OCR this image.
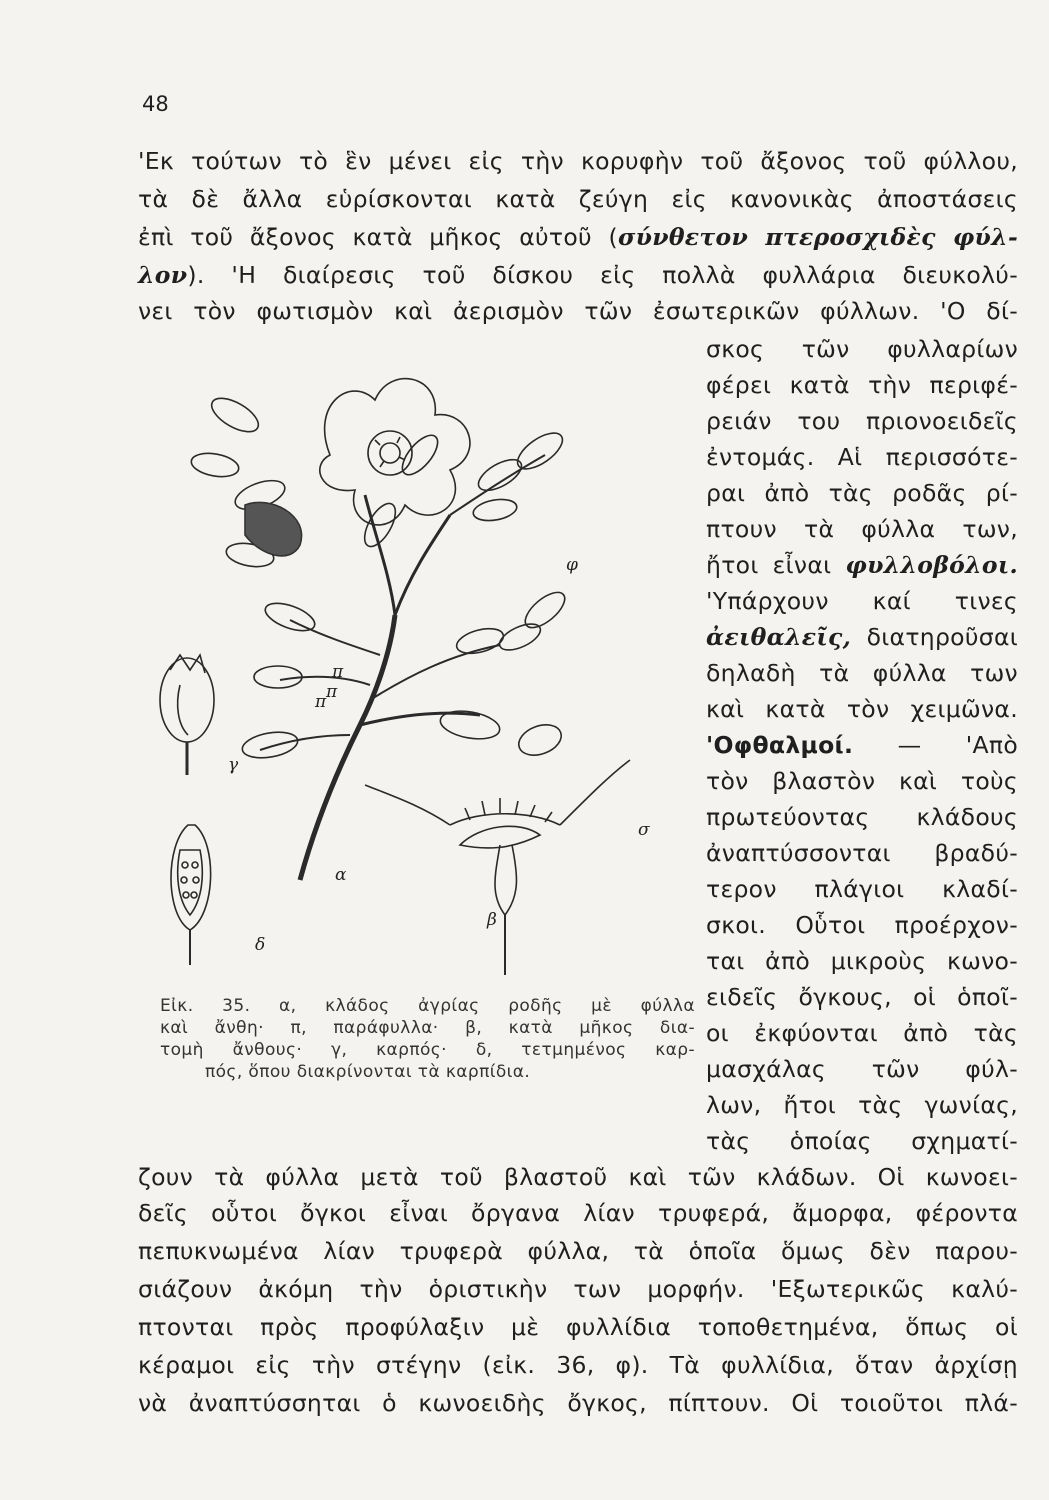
48
'Εκ τούτων τὸ ἓν μένει εἰς τὴν κορυφὴν τοῦ ἄξονος τοῦ φύλλου,
τὰ δὲ ἄλλα εὑρίσκονται κατὰ ζεύγη εἰς κανονικὰς ἀποστάσεις
ἐπὶ τοῦ ἄξονος κατὰ μῆκος αὐτοῦ (σύνθετον πτεροσχιδὲς φύλ-
λον). 'Η διαίρεσις τοῦ δίσκου εἰς πολλὰ φυλλάρια διευκολύ-
νει τὸν φωτισμὸν καὶ ἀερισμὸν τῶν ἐσωτερικῶν φύλλων. 'Ο δί-
σκος τῶν φυλλαρίων
φέρει κατὰ τὴν περιφέ-
ρειάν του πριονοειδεῖς
ἐντομάς. Αἱ περισσότε-
ραι ἀπὸ τὰς ροδᾶς ρί-
πτουν τὰ φύλλα των,
ἤτοι εἶναι φυλλοβόλοι.
'Υπάρχουν καί τινες
ἀειθαλεῖς, διατηροῦσαι
δηλαδὴ τὰ φύλλα των
καὶ κατὰ τὸν χειμῶνα.
'Οφθαλμοί. — 'Απὸ
τὸν βλαστὸν καὶ τοὺς
πρωτεύοντας κλάδους
ἀναπτύσσονται βραδύ-
τερον πλάγιοι κλαδί-
σκοι. Οὗτοι προέρχον-
ται ἀπὸ μικροὺς κωνο-
ειδεῖς ὄγκους, οἱ ὁποῖ-
οι ἐκφύονται ἀπὸ τὰς
μασχάλας τῶν φύλ-
λων, ἤτοι τὰς γωνίας,
τὰς ὁποίας σχηματί-
ζουν τὰ φύλλα μετὰ τοῦ βλαστοῦ καὶ τῶν κλάδων. Οἱ κωνοει-
δεῖς οὗτοι ὄγκοι εἶναι ὄργανα λίαν τρυφερά, ἄμορφα, φέροντα
πεπυκνωμένα λίαν τρυφερὰ φύλλα, τὰ ὁποῖα ὅμως δὲν παρου-
σιάζουν ἀκόμη τὴν ὁριστικὴν των μορφήν. 'Εξωτερικῶς καλύ-
πτονται πρὸς προφύλαξιν μὲ φυλλίδια τοποθετημένα, ὅπως οἱ
κέραμοι εἰς τὴν στέγην (εἰκ. 36, φ). Τὰ φυλλίδια, ὅταν ἀρχίσῃ
νὰ ἀναπτύσσηται ὁ κωνοειδὴς ὄγκος, πίπτουν. Οἱ τοιοῦτοι πλά-
α
β
γ
δ
π
π
π
σ
φ
Εἰκ. 35. α, κλάδος ἀγρίας ροδῆς μὲ φύλλα
καὶ ἄνθη· π, παράφυλλα· β, κατὰ μῆκος δια-
τομὴ ἄνθους· γ, καρπός· δ, τετμημένος καρ-
πός, ὅπου διακρίνονται τὰ καρπίδια.
